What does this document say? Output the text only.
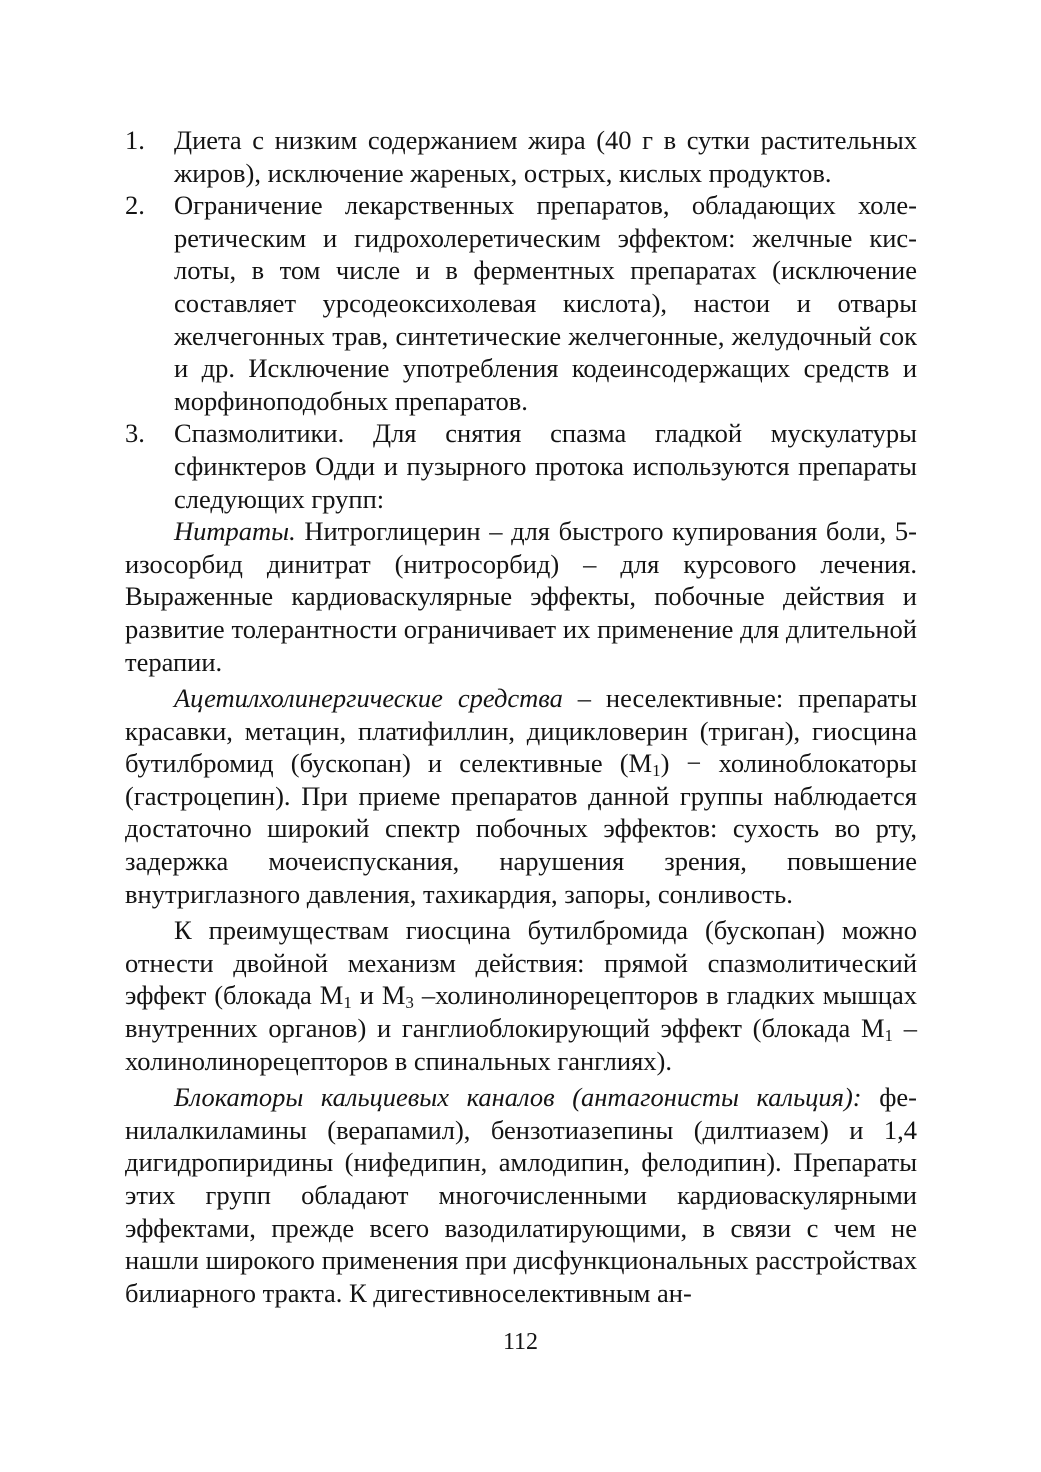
1. Диета с низким содержанием жира (40 г в сутки растительных жиров), исключение жареных, острых, кислых продуктов.
2. Ограничение лекарственных препаратов, обладающих холеретическим и гидрохолеретическим эффектом: желчные кислоты, в том числе и в ферментных препаратах (исключение составляет урсодеоксихолевая кислота), настои и отвары желчегонных трав, синтетические желчегонные, желудочный сок и др. Исключение употребления кодеинсодержащих средств и морфиноподобных препаратов.
3. Спазмолитики. Для снятия спазма гладкой мускулатуры сфинктеров Одди и пузырного протока используются препараты следующих групп:

Нитраты. Нитроглицерин – для быстрого купирования боли, 5-изосорбид динитрат (нитросорбид) – для курсового лечения. Выраженные кардиоваскулярные эффекты, побочные действия и развитие толерантности ограничивает их применение для длительной терапии.

Ацетилхолинергические средства – неселективные: препараты красавки, метацин, платифиллин, дицикловерин (триган), гиосцина бутилбромид (бускопан) и селективные $(M_1)$ − холиноблокаторы (гастроцепин). При приеме препаратов данной группы наблюдается достаточно широкий спектр побочных эффектов: сухость во рту, задержка мочеиспускания, нарушения зрения, повышение внутриглазного давления, тахикардия, запоры, сонливость.

К преимуществам гиосцина бутилбромида (бускопан) можно отнести двойной механизм действия: прямой спазмолитический эффект (блокада $M_1$ и $M_3$ –холинолинорецепторов в гладких мышцах внутренних органов) и ганглиоблокирующий эффект (блокада $M_1$ –холинолинорецепторов в спинальных ганглиях).

Блокаторы кальциевых каналов (антагонисты кальция): фенилалкиламины (верапамил), бензотиазепины (дилтиазем) и 1,4 дигидропиридины (нифедипин, амлодипин, фелодипин). Препараты этих групп обладают многочисленными кардиоваскулярными эффектами, прежде всего вазодилатирующими, в связи с чем не нашли широкого применения при дисфункциональных расстройствах билиарного тракта. К дигестивноселективным ан-

112
